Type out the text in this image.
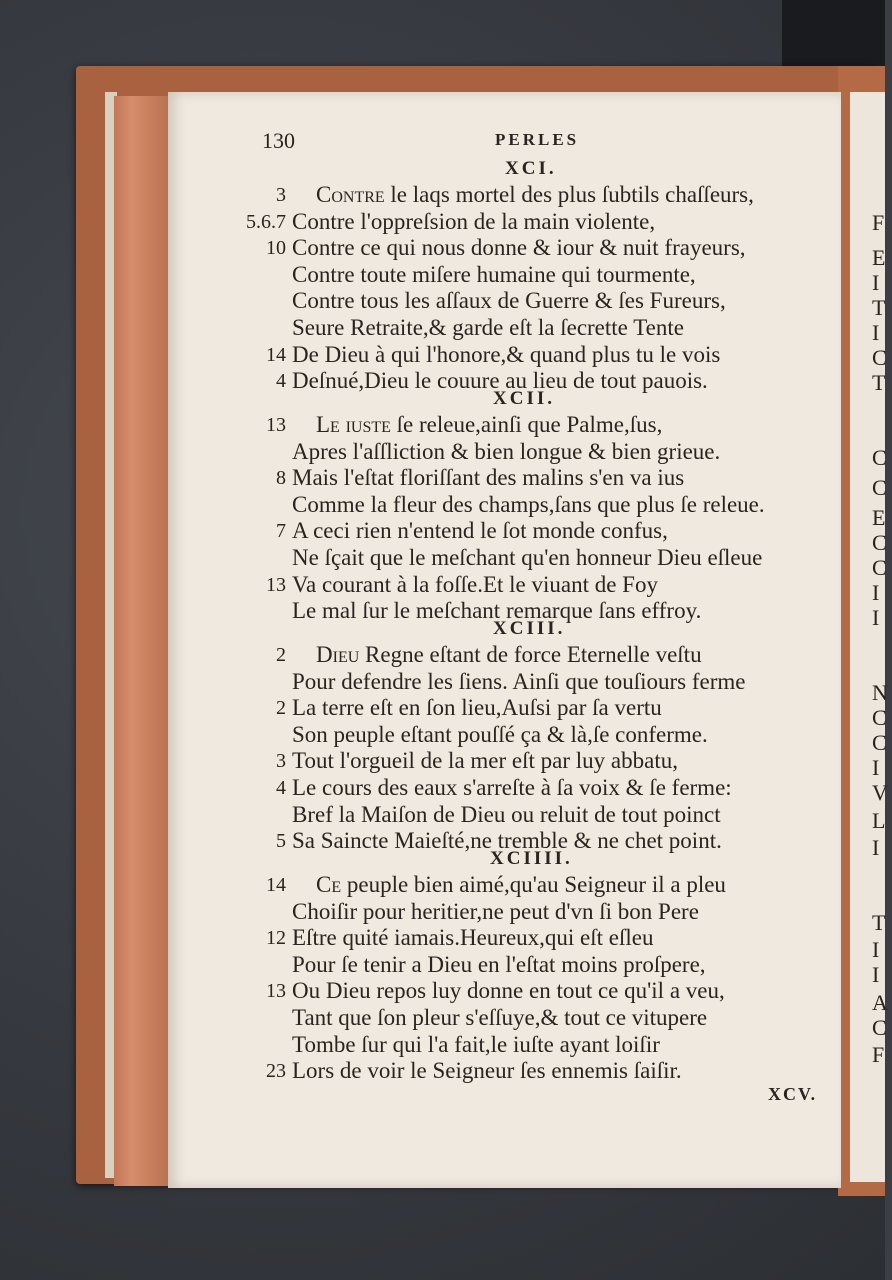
F
E
I
T
I
C
T
C
C
E
C
C
I
I
N
C
C
I
V
L
I
T
I
I
A
C
F
130	PERLES
XCI.
3 Contre le laqs mortel des plus ſubtils chaſſeurs,
5.6.7 Contre l'oppreſsion de la main violente,
10 Contre ce qui nous donne & iour & nuit frayeurs,
Contre toute miſere humaine qui tourmente,
Contre tous les aſſaux de Guerre & ſes Fureurs,
Seure Retraite,& garde eſt la ſecrette Tente
14 De Dieu à qui l'honore,& quand plus tu le vois
4 Deſnué,Dieu le couure au lieu de tout pauois.
XCII.
13 Le iuste ſe releue,ainſi que Palme,ſus,
Apres l'aſſliction & bien longue & bien grieue.
8 Mais l'eſtat floriſſant des malins s'en va ius
Comme la fleur des champs,ſans que plus ſe releue.
7 A ceci rien n'entend le ſot monde confus,
Ne ſçait que le meſchant qu'en honneur Dieu eſleue
13 Va courant à la foſſe.Et le viuant de Foy
Le mal ſur le meſchant remarque ſans effroy.
XCIII.
2 Dieu Regne eſtant de force Eternelle veſtu
Pour defendre les ſiens. Ainſi que touſiours ferme
2 La terre eſt en ſon lieu,Auſsi par ſa vertu
Son peuple eſtant pouſſé ça & là,ſe conferme.
3 Tout l'orgueil de la mer eſt par luy abbatu,
4 Le cours des eaux s'arreſte à ſa voix & ſe ferme:
Bref la Maiſon de Dieu ou reluit de tout poinct
5 Sa Saincte Maieſté,ne tremble & ne chet point.
XCIIII.
14 Ce peuple bien aimé,qu'au Seigneur il a pleu
Choiſir pour heritier,ne peut d'vn ſi bon Pere
12 Eſtre quité iamais.Heureux,qui eſt eſleu
Pour ſe tenir a Dieu en l'eſtat moins proſpere,
13 Ou Dieu repos luy donne en tout ce qu'il a veu,
Tant que ſon pleur s'eſſuye,& tout ce vitupere
Tombe ſur qui l'a fait,le iuſte ayant loiſir
23 Lors de voir le Seigneur ſes ennemis ſaiſir.
XCV.
